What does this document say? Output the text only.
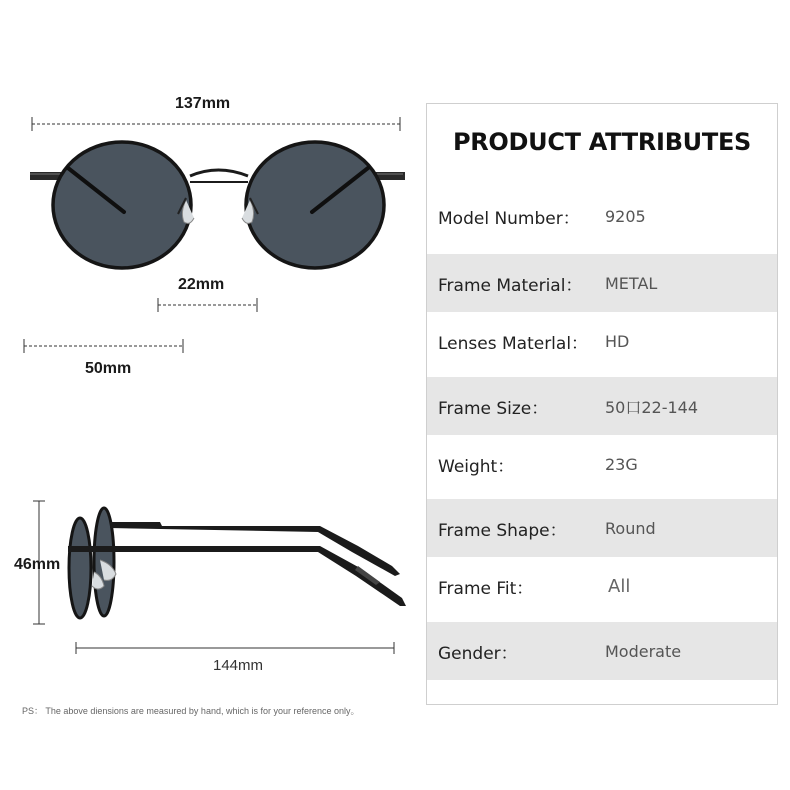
137mm
22mm
50mm
46mm
144mm
PRODUCT ATTRIBUTES
Model Number： 9205
Frame Material： METAL
Lenses Materlal： HD
Frame Size：	50口22-144
Weight：	23G
Frame Shape： Round
Frame Fit：	All
Gender：	Moderate
PS： The above diensions are measured by hand, which is for your reference only。
